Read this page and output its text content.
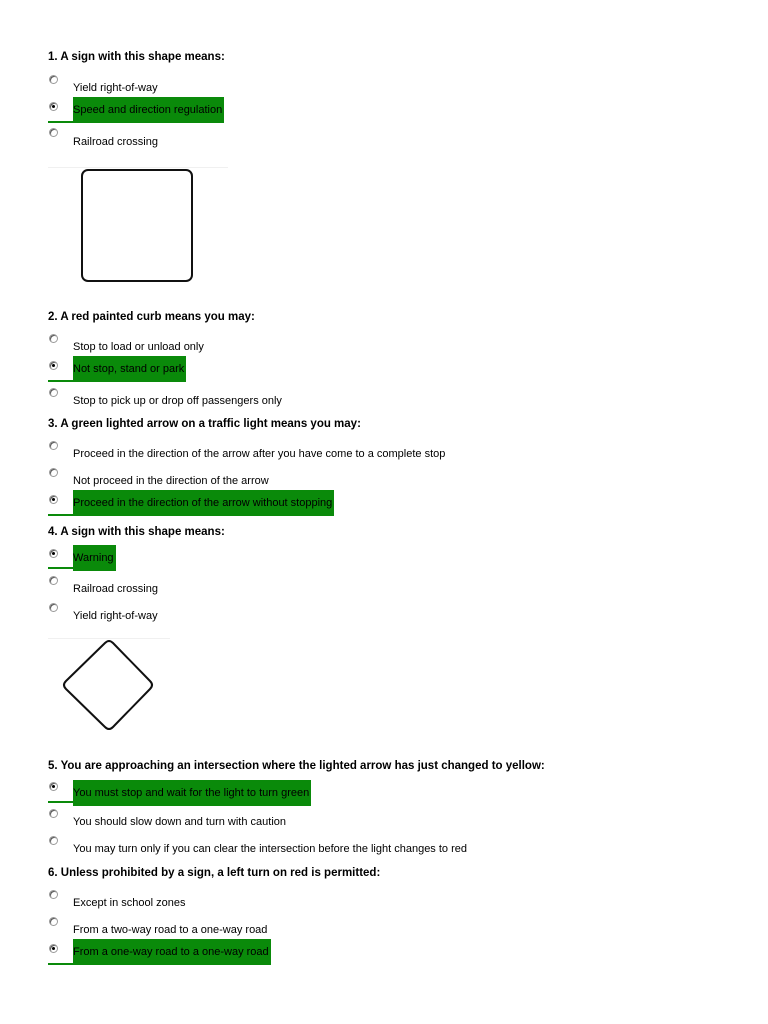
1. A sign with this shape means:
Yield right-of-way
Speed and direction regulation
Railroad crossing
2. A red painted curb means you may:
Stop to load or unload only
Not stop, stand or park
Stop to pick up or drop off passengers only
3. A green lighted arrow on a traffic light means you may:
Proceed in the direction of the arrow after you have come to a complete stop
Not proceed in the direction of the arrow
Proceed in the direction of the arrow without stopping
4. A sign with this shape means:
Warning
Railroad crossing
Yield right-of-way
5. You are approaching an intersection where the lighted arrow has just changed to yellow:
You must stop and wait for the light to turn green
You should slow down and turn with caution
You may turn only if you can clear the intersection before the light changes to red
6. Unless prohibited by a sign, a left turn on red is permitted:
Except in school zones
From a two-way road to a one-way road
From a one-way road to a one-way road
